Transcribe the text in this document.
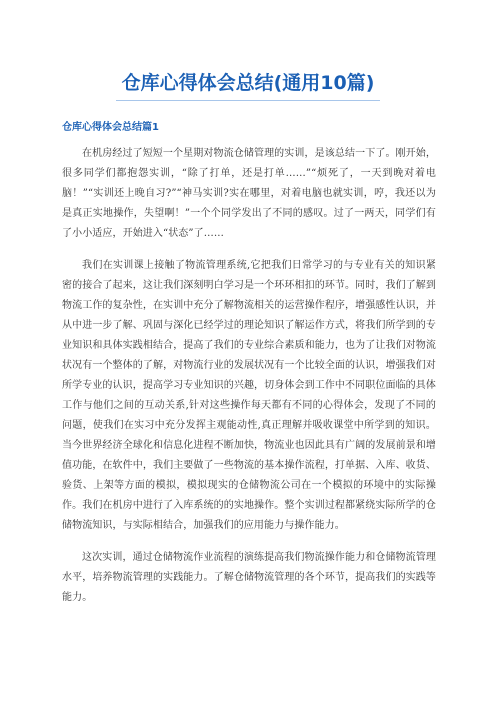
仓库心得体会总结(通用10篇)
仓库心得体会总结篇1

在机房经过了短短一个星期对物流仓储管理的实训，是该总结一下了。刚开始，很多同学们都抱怨实训，“除了打单，还是打单……”“烦死了，一天到晚对着电脑！”“实训还上晚自习?”“神马实训?实在哪里，对着电脑也就实训，哼，我还以为是真正实地操作，失望啊！”一个个同学发出了不同的感叹。过了一两天，同学们有了小小适应，开始进入“状态”了……

我们在实训课上接触了物流管理系统,它把我们日常学习的与专业有关的知识紧密的接合了起来，这让我们深刻明白学习是一个环环相扣的环节。同时，我们了解到物流工作的复杂性，在实训中充分了解物流相关的运营操作程序，增强感性认识，并从中进一步了解、巩固与深化已经学过的理论知识了解运作方式，将我们所学到的专业知识和具体实践相结合，提高了我们的专业综合素质和能力，也为了让我们对物流状况有一个整体的了解，对物流行业的发展状况有一个比较全面的认识，增强我们对所学专业的认识，提高学习专业知识的兴趣，切身体会到工作中不同职位面临的具体工作与他们之间的互动关系,针对这些操作每天都有不同的心得体会，发现了不同的问题，使我们在实习中充分发挥主观能动性,真正理解并吸收课堂中所学到的知识。当今世界经济全球化和信息化进程不断加快，物流业也因此具有广阔的发展前景和增值功能，在软件中，我们主要做了一些物流的基本操作流程，打单据、入库、收货、验货、上架等方面的模拟，模拟现实的仓储物流公司在一个模拟的环境中的实际操作。我们在机房中进行了入库系统的的实地操作。整个实训过程都紧绕实际所学的仓储物流知识，与实际相结合，加强我们的应用能力与操作能力。

这次实训，通过仓储物流作业流程的演练提高我们物流操作能力和仓储物流管理水平，培养物流管理的实践能力。了解仓储物流管理的各个环节，提高我们的实践等能力。
